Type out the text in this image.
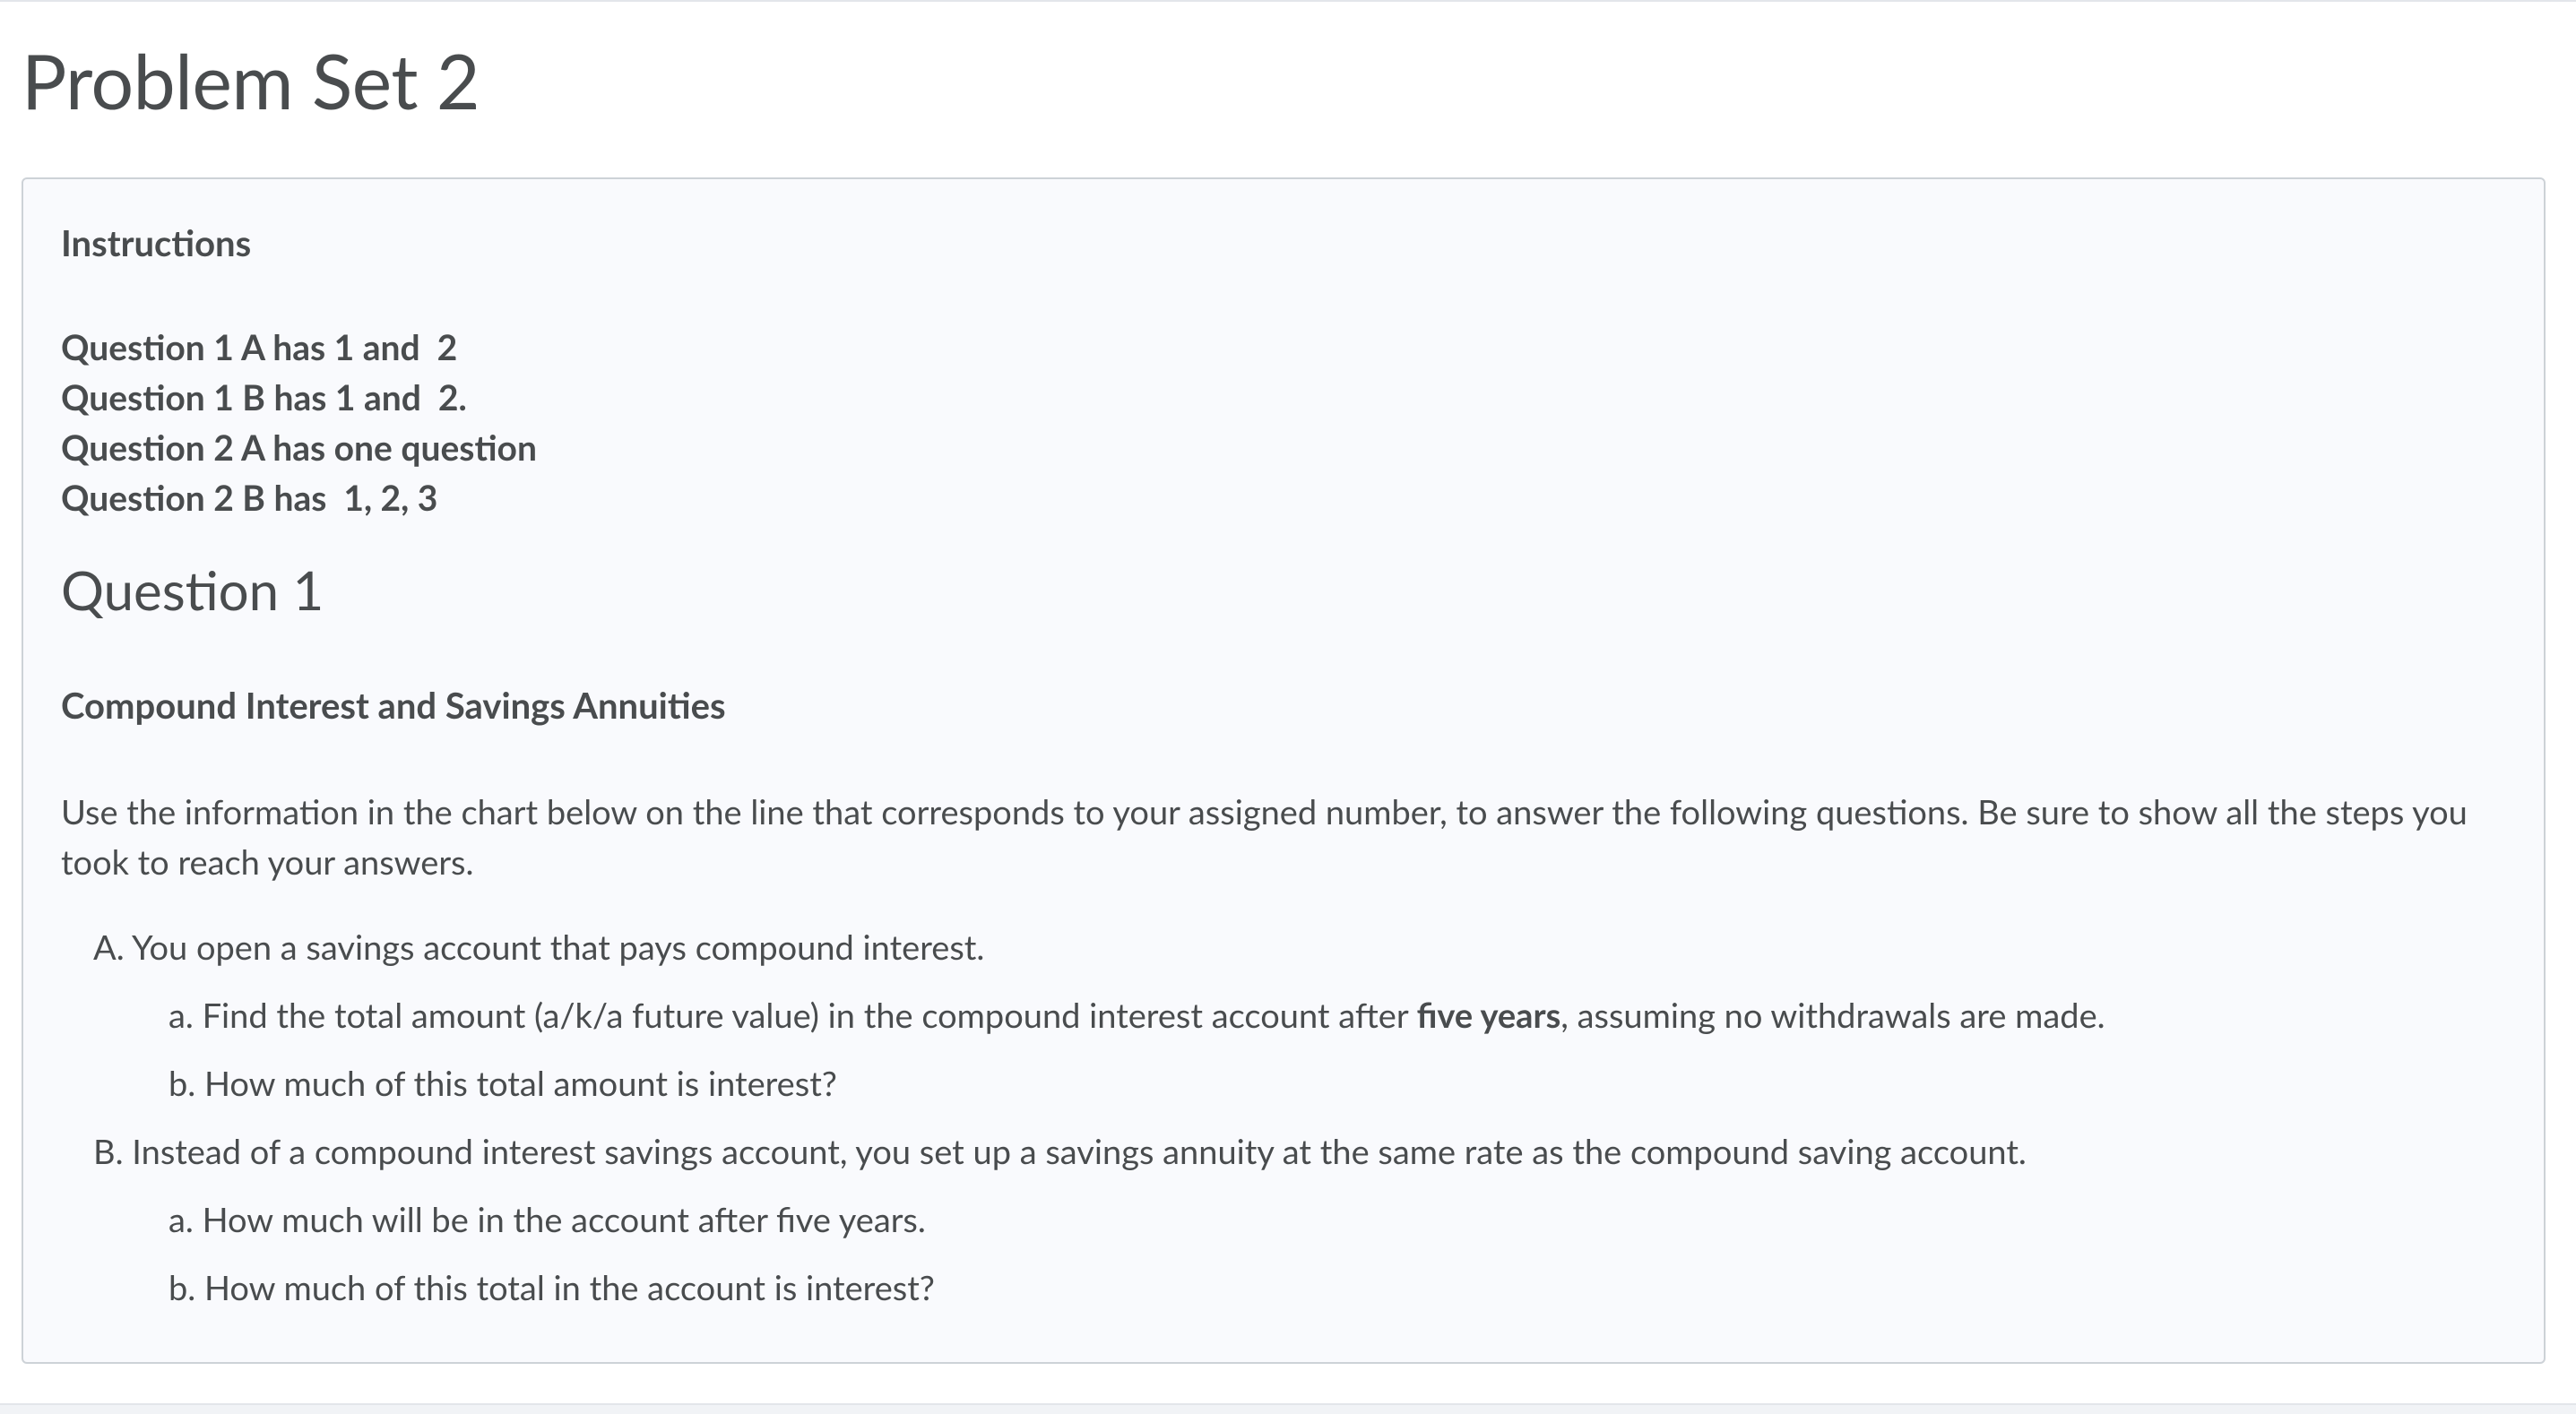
Problem Set 2
Instructions
Question 1 A has 1 and  2
Question 1 B has 1 and  2.
Question 2 A has one question
Question 2 B has  1, 2, 3
Question 1
Compound Interest and Savings Annuities

Use the information in the chart below on the line that corresponds to your assigned number, to answer the following questions. Be sure to show all the steps you took to reach your answers.

A. You open a savings account that pays compound interest.

a. Find the total amount (a/k/a future value) in the compound interest account after five years, assuming no withdrawals are made.

b. How much of this total amount is interest?

B. Instead of a compound interest savings account, you set up a savings annuity at the same rate as the compound saving account.

a. How much will be in the account after five years.

b. How much of this total in the account is interest?
